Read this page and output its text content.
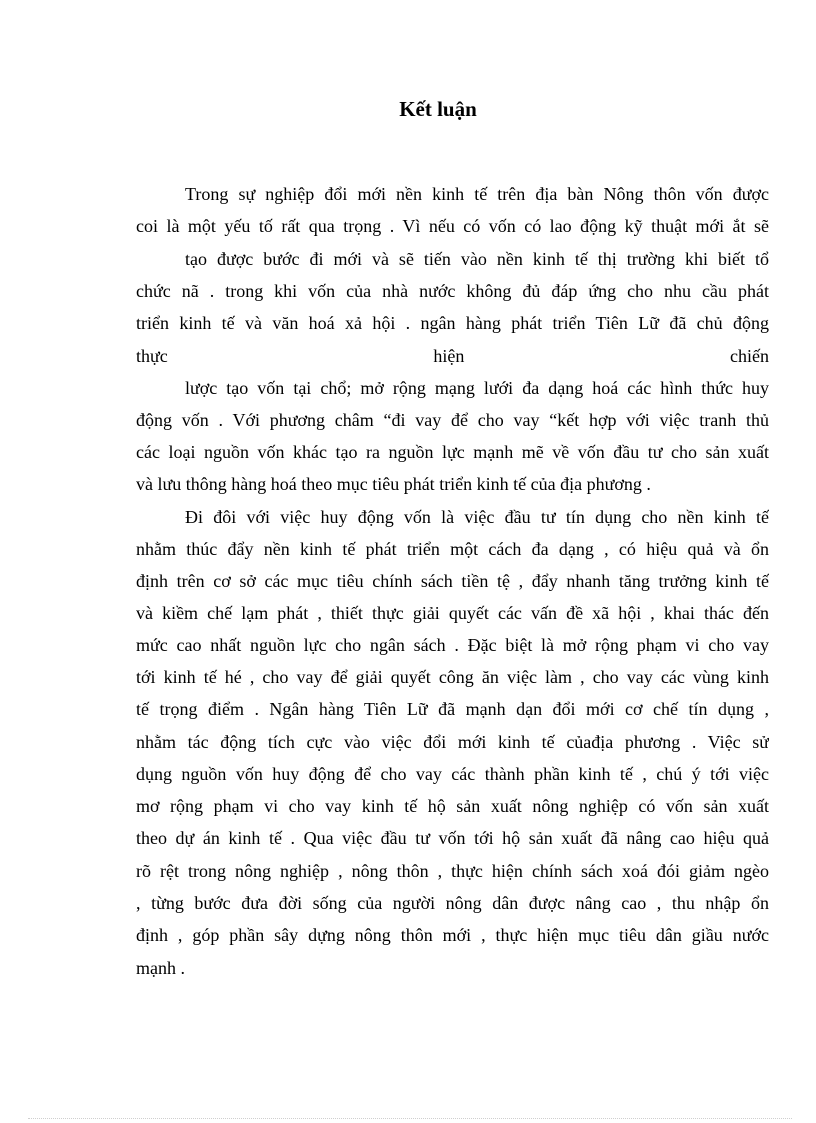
Kết luận
Trong sự nghiệp đổi mới nền kinh tế trên địa bàn Nông thôn vốn được
coi là một yếu tố rất qua trọng . Vì nếu có vốn có lao động kỹ thuật mới ắt sẽ
tạo được bước đi mới và sẽ tiến vào nền kinh tế thị trường khi biết tổ
chức nã . trong khi vốn của nhà nước không đủ đáp ứng cho nhu cầu phát
triển kinh tế và văn hoá xả hội . ngân hàng phát triển Tiên Lữ đã chủ động
thực hiện chiến
lược tạo vốn tại chổ; mở rộng mạng lưới đa dạng hoá các hình thức huy
động vốn . Với phương châm “đi vay để cho vay “kết hợp với việc tranh thủ
các loại nguồn vốn khác tạo ra nguồn lực mạnh mẽ về vốn đầu tư cho sản xuất
và lưu thông hàng hoá theo mục tiêu phát triển kinh tế của địa phương .
Đi đôi với việc huy động vốn là việc đầu tư tín dụng cho nền kinh tế
nhằm thúc đẩy nền kinh tế phát triển một cách đa dạng , có hiệu quả và ổn
định trên cơ sở các mục tiêu chính sách tiền tệ , đẩy nhanh tăng trưởng kinh tế
và kiềm chế lạm phát , thiết thực giải quyết các vấn đề xã hội , khai thác đến
mức cao nhất nguồn lực cho ngân sách . Đặc biệt là mở rộng phạm vi cho vay
tới kinh tế hé , cho vay để giải quyết công ăn việc làm , cho vay các vùng kinh
tế trọng điểm . Ngân hàng Tiên Lữ đã mạnh dạn đổi mới cơ chế tín dụng ,
nhằm tác động tích cực vào việc đổi mới kinh tế củađịa phương . Việc sử
dụng nguồn vốn huy động để cho vay các thành phần kinh tế , chú ý tới việc
mơ rộng phạm vi cho vay kinh tế hộ sản xuất nông nghiệp có vốn sản xuất
theo dự án kinh tế . Qua việc đầu tư vốn tới hộ sản xuất đã nâng cao hiệu quả
rõ rệt trong nông nghiệp , nông thôn , thực hiện chính sách xoá đói giảm ngèo
, từng bước đưa đời sống của người nông dân được nâng cao , thu nhập ổn
định , góp phần sây dựng nông thôn mới , thực hiện mục tiêu dân giầu nước
mạnh .
